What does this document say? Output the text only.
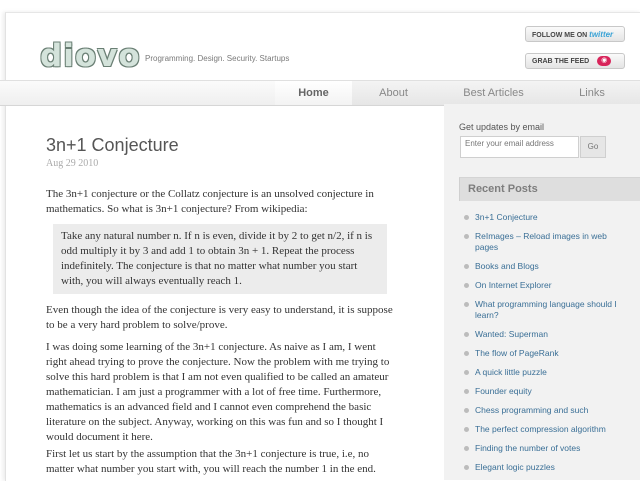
diovo Programming. Design. Security. Startups
FOLLOW ME ON twitter
GRAB THE FEED ◉
Home	About	Best Articles	Links
3n+1 Conjecture
Aug 29 2010

The 3n+1 conjecture or the Collatz conjecture is an unsolved conjecture in mathematics. So what is 3n+1 conjecture? From wikipedia:

Take any natural number n. If n is even, divide it by 2 to get n/2, if n is odd multiply it by 3 and add 1 to obtain 3n + 1. Repeat the process indefinitely. The conjecture is that no matter what number you start with, you will always eventually reach 1.

Even though the idea of the conjecture is very easy to understand, it is suppose to be a very hard problem to solve/prove.

I was doing some learning of the 3n+1 conjecture. As naive as I am, I went right ahead trying to prove the conjecture. Now the problem with me trying to solve this hard problem is that I am not even qualified to be called an amateur mathematician. I am just a programmer with a lot of free time. Furthermore, mathematics is an advanced field and I cannot even comprehend the basic literature on the subject. Anyway, working on this was fun and so I thought I would document it here.

First let us start by the assumption that the 3n+1 conjecture is true, i.e, no matter what number you start with, you will reach the number 1 in the end.

Get updates by email
Enter your email address	Go
Recent Posts
3n+1 Conjecture
ReImages – Reload images in web pages
Books and Blogs
On Internet Explorer
What programming language should I learn?
Wanted: Superman
The flow of PageRank
A quick little puzzle
Founder equity
Chess programming and such
The perfect compression algorithm
Finding the number of votes
Elegant logic puzzles
